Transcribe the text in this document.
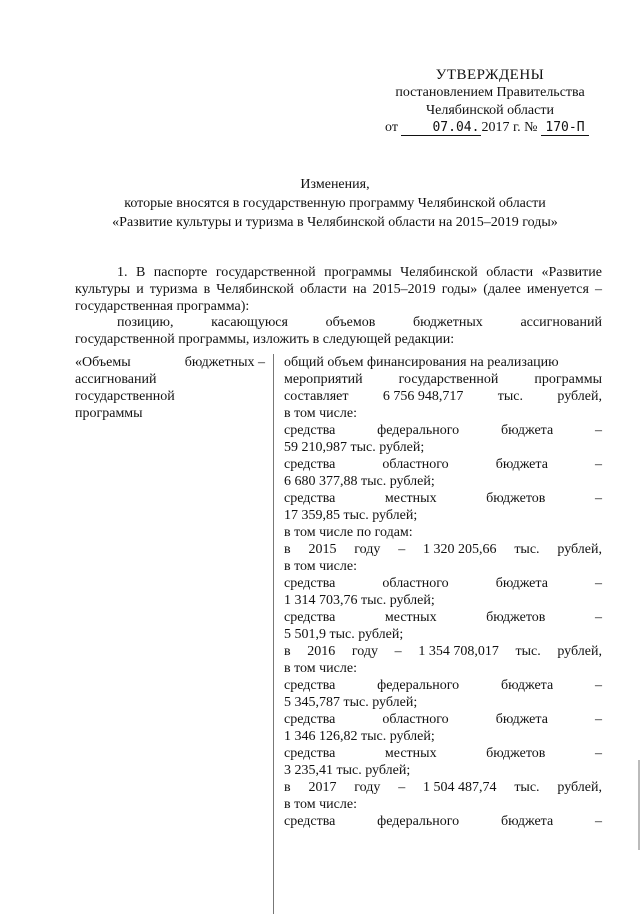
УТВЕРЖДЕНЫ
постановлением Правительства
Челябинской области
от	07.04. 2017 г. № 170-П
Изменения,
которые вносятся в государственную программу Челябинской области
«Развитие культуры и туризма в Челябинской области на 2015–2019 годы»
1. В паспорте государственной программы Челябинской области «Развитие культуры и туризма в Челябинской области на 2015–2019 годы» (далее именуется – государственная программа):
позицию,	касающуюся	объемов	бюджетных	ассигнований
государственной программы, изложить в следующей редакции:
«Объемы	бюджетных –
ассигнований
государственной
программы
общий объем финансирования на реализацию
мероприятий	государственной	программы
составляет 6 756 948,717 тыс. рублей,
в том числе:
средства	федерального	бюджета	–
59 210,987 тыс. рублей;
средства	областного	бюджета	–
6 680 377,88 тыс. рублей;
средства	местных	бюджетов	–
17 359,85 тыс. рублей;
в том числе по годам:
в 2015 году – 1 320 205,66 тыс. рублей,
в том числе:
средства	областного	бюджета	–
1 314 703,76 тыс. рублей;
средства	местных	бюджетов	–
5 501,9 тыс. рублей;
в 2016 году – 1 354 708,017 тыс. рублей,
в том числе:
средства	федерального	бюджета	–
5 345,787 тыс. рублей;
средства	областного	бюджета	–
1 346 126,82 тыс. рублей;
средства	местных	бюджетов	–
3 235,41 тыс. рублей;
в 2017 году – 1 504 487,74 тыс. рублей,
в том числе:
средства	федерального	бюджета	–
